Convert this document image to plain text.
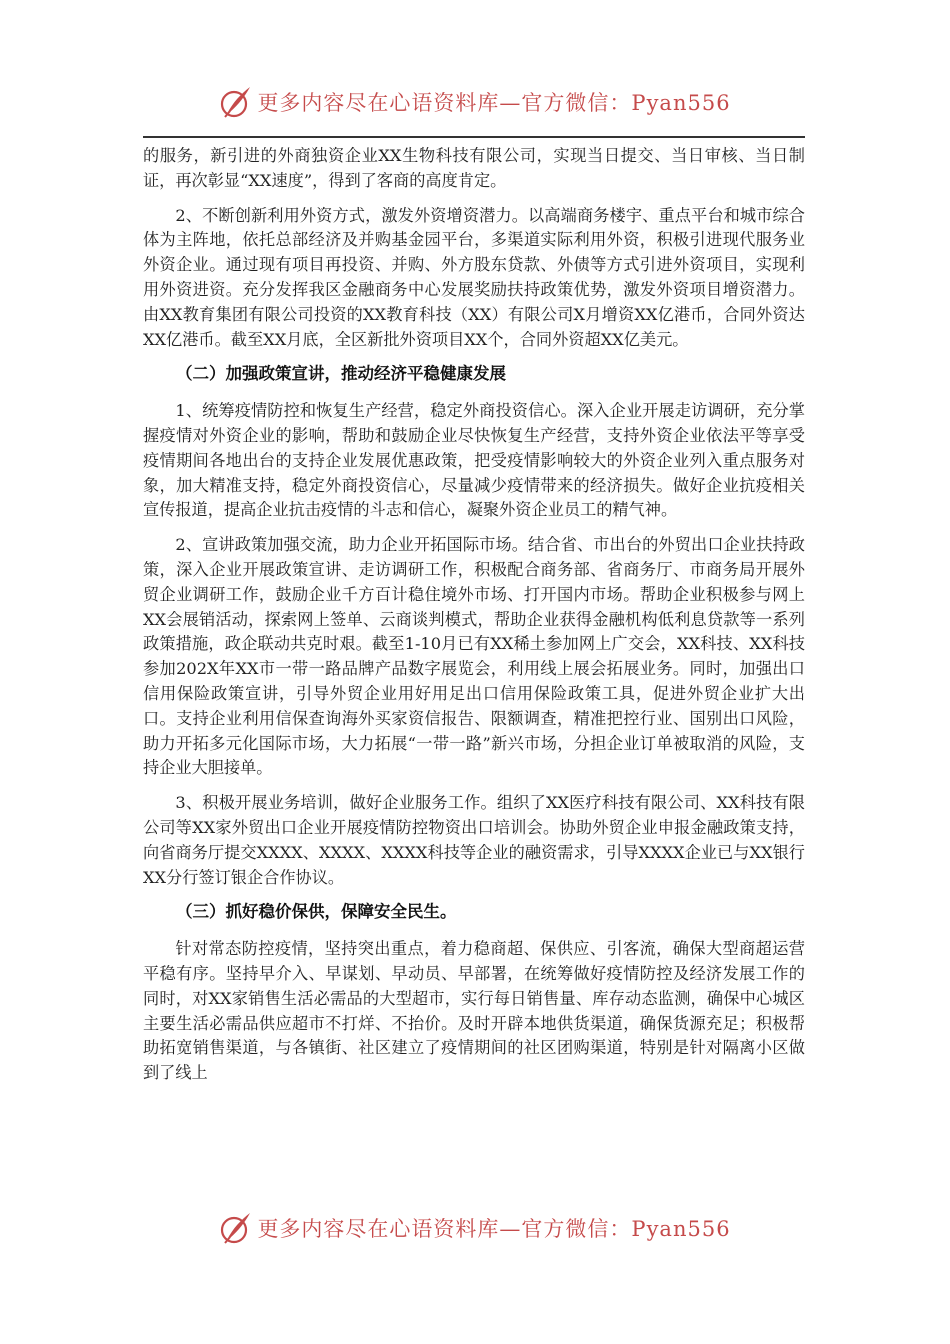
更多内容尽在心语资料库—官方微信：Pyan556

的服务，新引进的外商独资企业XX生物科技有限公司，实现当日提交、当日审核、当日制证，再次彰显“XX速度”，得到了客商的高度肯定。

2、不断创新利用外资方式，激发外资增资潜力。以高端商务楼宇、重点平台和城市综合体为主阵地，依托总部经济及并购基金园平台，多渠道实际利用外资，积极引进现代服务业外资企业。通过现有项目再投资、并购、外方股东贷款、外债等方式引进外资项目，实现利用外资进资。充分发挥我区金融商务中心发展奖励扶持政策优势，激发外资项目增资潜力。由XX教育集团有限公司投资的XX教育科技（XX）有限公司X月增资XX亿港币，合同外资达XX亿港币。截至XX月底，全区新批外资项目XX个，合同外资超XX亿美元。

（二）加强政策宣讲，推动经济平稳健康发展

1、统筹疫情防控和恢复生产经营，稳定外商投资信心。深入企业开展走访调研，充分掌握疫情对外资企业的影响，帮助和鼓励企业尽快恢复生产经营，支持外资企业依法平等享受疫情期间各地出台的支持企业发展优惠政策，把受疫情影响较大的外资企业列入重点服务对象，加大精准支持，稳定外商投资信心，尽量减少疫情带来的经济损失。做好企业抗疫相关宣传报道，提高企业抗击疫情的斗志和信心，凝聚外资企业员工的精气神。

2、宣讲政策加强交流，助力企业开拓国际市场。结合省、市出台的外贸出口企业扶持政策，深入企业开展政策宣讲、走访调研工作，积极配合商务部、省商务厅、市商务局开展外贸企业调研工作，鼓励企业千方百计稳住境外市场、打开国内市场。帮助企业积极参与网上XX会展销活动，探索网上签单、云商谈判模式，帮助企业获得金融机构低利息贷款等一系列政策措施，政企联动共克时艰。截至1-10月已有XX稀土参加网上广交会，XX科技、XX科技参加202X年XX市一带一路品牌产品数字展览会，利用线上展会拓展业务。同时，加强出口信用保险政策宣讲，引导外贸企业用好用足出口信用保险政策工具，促进外贸企业扩大出口。支持企业利用信保查询海外买家资信报告、限额调查，精准把控行业、国别出口风险，助力开拓多元化国际市场，大力拓展“一带一路”新兴市场，分担企业订单被取消的风险，支持企业大胆接单。

3、积极开展业务培训，做好企业服务工作。组织了XX医疗科技有限公司、XX科技有限公司等XX家外贸出口企业开展疫情防控物资出口培训会。协助外贸企业申报金融政策支持，向省商务厅提交XXXX、XXXX、XXXX科技等企业的融资需求，引导XXXX企业已与XX银行XX分行签订银企合作协议。

（三）抓好稳价保供，保障安全民生。

针对常态防控疫情，坚持突出重点，着力稳商超、保供应、引客流，确保大型商超运营平稳有序。坚持早介入、早谋划、早动员、早部署，在统筹做好疫情防控及经济发展工作的同时，对XX家销售生活必需品的大型超市，实行每日销售量、库存动态监测，确保中心城区主要生活必需品供应超市不打烊、不抬价。及时开辟本地供货渠道，确保货源充足；积极帮助拓宽销售渠道，与各镇街、社区建立了疫情期间的社区团购渠道，特别是针对隔离小区做到了线上

更多内容尽在心语资料库—官方微信：Pyan556
